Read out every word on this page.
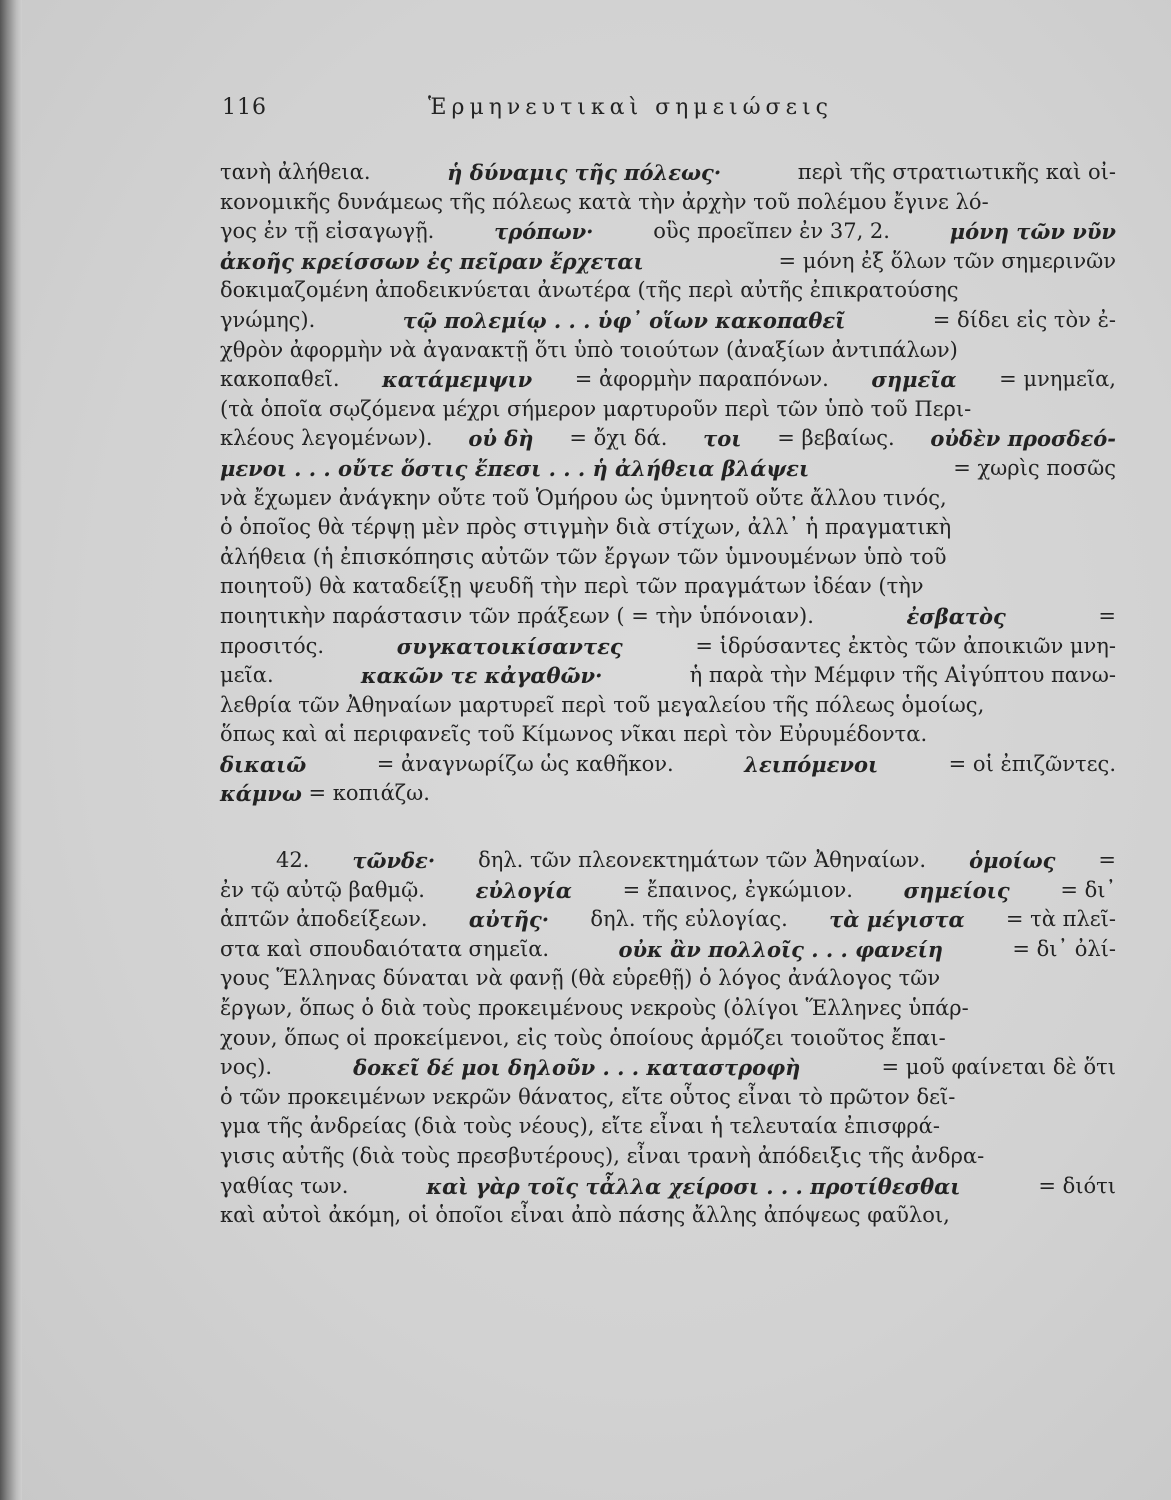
116	Ἑρμηνευτικαὶ σημειώσεις
τανὴ ἀλήθεια.	ἡ δύναμις τῆς πόλεως·	περὶ τῆς στρατιωτικῆς καὶ οἰ-
κονομικῆς δυνάμεως τῆς πόλεως κατὰ τὴν ἀρχὴν τοῦ πολέμου ἔγινε λό-
γος ἐν τῇ εἰσαγωγῇ.	τρόπων·	οὓς προεῖπεν ἐν 37, 2.	μόνη τῶν νῦν
ἀκοῆς κρείσσων ἐς πεῖραν ἔρχεται	= μόνη ἐξ ὅλων τῶν σημερινῶν
δοκιμαζομένη ἀποδεικνύεται ἀνωτέρα (τῆς περὶ αὐτῆς ἐπικρατούσης
γνώμης).	τῷ πολεμίῳ . . . ὑφ᾽ οἵων κακοπαθεῖ	= δίδει εἰς τὸν ἐ-
χθρὸν ἀφορμὴν νὰ ἀγανακτῇ ὅτι ὑπὸ τοιούτων (ἀναξίων ἀντιπάλων)
κακοπαθεῖ. κατάμεμψιν = ἀφορμὴν παραπόνων. σημεῖα = μνημεῖα,
(τὰ ὁποῖα σῳζόμενα μέχρι σήμερον μαρτυροῦν περὶ τῶν ὑπὸ τοῦ Περι-
κλέους λεγομένων). οὐ δὴ = ὄχι δά. τοι = βεβαίως. οὐδὲν προσδεό-
μενοι . . . οὔτε ὅστις ἔπεσι . . . ἡ ἀλήθεια βλάψει	= χωρὶς ποσῶς
νὰ ἔχωμεν ἀνάγκην οὔτε τοῦ Ὁμήρου ὡς ὑμνητοῦ οὔτε ἄλλου τινός,
ὁ ὁποῖος θὰ τέρψῃ μὲν πρὸς στιγμὴν διὰ στίχων, ἀλλ᾽ ἡ πραγματικὴ
ἀλήθεια (ἡ ἐπισκόπησις αὐτῶν τῶν ἔργων τῶν ὑμνουμένων ὑπὸ τοῦ
ποιητοῦ) θὰ καταδείξῃ ψευδῆ τὴν περὶ τῶν πραγμάτων ἰδέαν (τὴν
ποιητικὴν παράστασιν τῶν πράξεων ( = τὴν ὑπόνοιαν).	ἐσβατὸς	=
προσιτός.	συγκατοικίσαντες	= ἱδρύσαντες ἐκτὸς τῶν ἀποικιῶν μνη-
μεῖα.	κακῶν τε κἀγαθῶν·	ἡ παρὰ τὴν Μέμφιν τῆς Αἰγύπτου πανω-
λεθρία τῶν Ἀθηναίων μαρτυρεῖ περὶ τοῦ μεγαλείου τῆς πόλεως ὁμοίως,
ὅπως καὶ αἱ περιφανεῖς τοῦ Κίμωνος νῖκαι περὶ τὸν Εὐρυμέδοντα.
δικαιῶ	= ἀναγνωρίζω ὡς καθῆκον.	λειπόμενοι	= οἱ ἐπιζῶντες.
κάμνω = κοπιάζω.
42. τῶνδε· δηλ. τῶν πλεονεκτημάτων τῶν Ἀθηναίων. ὁμοίως =
ἐν τῷ αὐτῷ βαθμῷ. εὐλογία = ἔπαινος, ἐγκώμιον. σημείοις = δι᾽
ἁπτῶν ἀποδείξεων. αὐτῆς· δηλ. τῆς εὐλογίας. τὰ μέγιστα = τὰ πλεῖ-
στα καὶ σπουδαιότατα σημεῖα.	οὐκ ἂν πολλοῖς . . . φανείη	= δι᾽ ὀλί-
γους Ἕλληνας δύναται νὰ φανῇ (θὰ εὑρεθῇ) ὁ λόγος ἀνάλογος τῶν
ἔργων, ὅπως ὁ διὰ τοὺς προκειμένους νεκροὺς (ὀλίγοι Ἕλληνες ὑπάρ-
χουν, ὅπως οἱ προκείμενοι, εἰς τοὺς ὁποίους ἁρμόζει τοιοῦτος ἔπαι-
νος).	δοκεῖ δέ μοι δηλοῦν . . . καταστροφὴ	= μοῦ φαίνεται δὲ ὅτι
ὁ τῶν προκειμένων νεκρῶν θάνατος, εἴτε οὗτος εἶναι τὸ πρῶτον δεῖ-
γμα τῆς ἀνδρείας (διὰ τοὺς νέους), εἴτε εἶναι ἡ τελευταία ἐπισφρά-
γισις αὐτῆς (διὰ τοὺς πρεσβυτέρους), εἶναι τρανὴ ἀπόδειξις τῆς ἀνδρα-
γαθίας των.	καὶ γὰρ τοῖς τἆλλα χείροσι . . . προτίθεσθαι	= διότι
καὶ αὐτοὶ ἀκόμη, οἱ ὁποῖοι εἶναι ἀπὸ πάσης ἄλλης ἀπόψεως φαῦλοι,
